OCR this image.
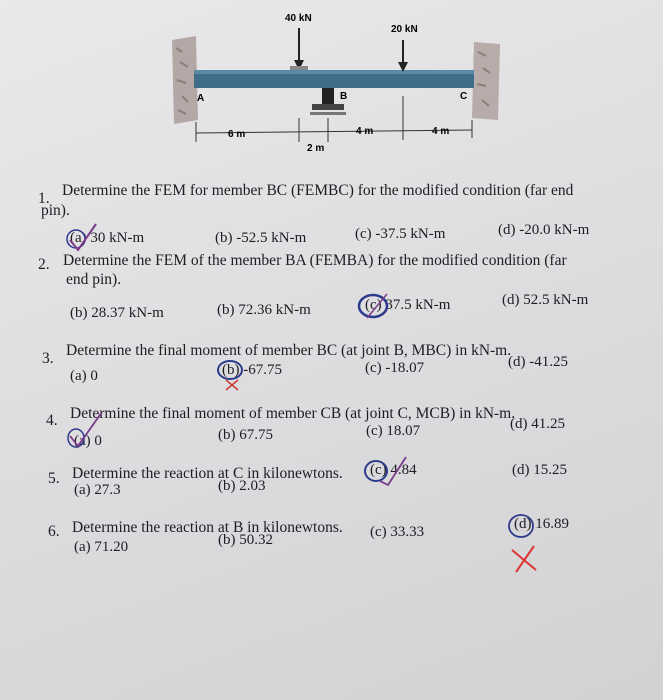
40 kN
20 kN
A	B	C
6 m
2 m
4 m	4 m
1. Determine the FEM for member BC (FEMBC) for the modified condition (far end
pin).
(a) 30 kN-m	(b) -52.5 kN-m	(c) -37.5 kN-m	(d) -20.0 kN-m
2. Determine the FEM of the member BA (FEMBA) for the modified condition (far
end pin).
(b) 28.37 kN-m	(b) 72.36 kN-m	(c) 37.5 kN-m	(d) 52.5 kN-m
3. Determine the final moment of member BC (at joint B, MBC) in kN-m.
(a) 0	(b) -67.75	(c) -18.07	(d) -41.25
4. Determine the final moment of member CB (at joint C, MCB) in kN-m.
(a) 0	(b) 67.75	(c) 18.07	(d) 41.25
5. Determine the reaction at C in kilonewtons.
(a) 27.3	(b) 2.03
(c) 4.84	(d) 15.25
6. Determine the reaction at B in kilonewtons.
(a) 71.20	(b) 50.32	(c) 33.33	(d) 16.89
